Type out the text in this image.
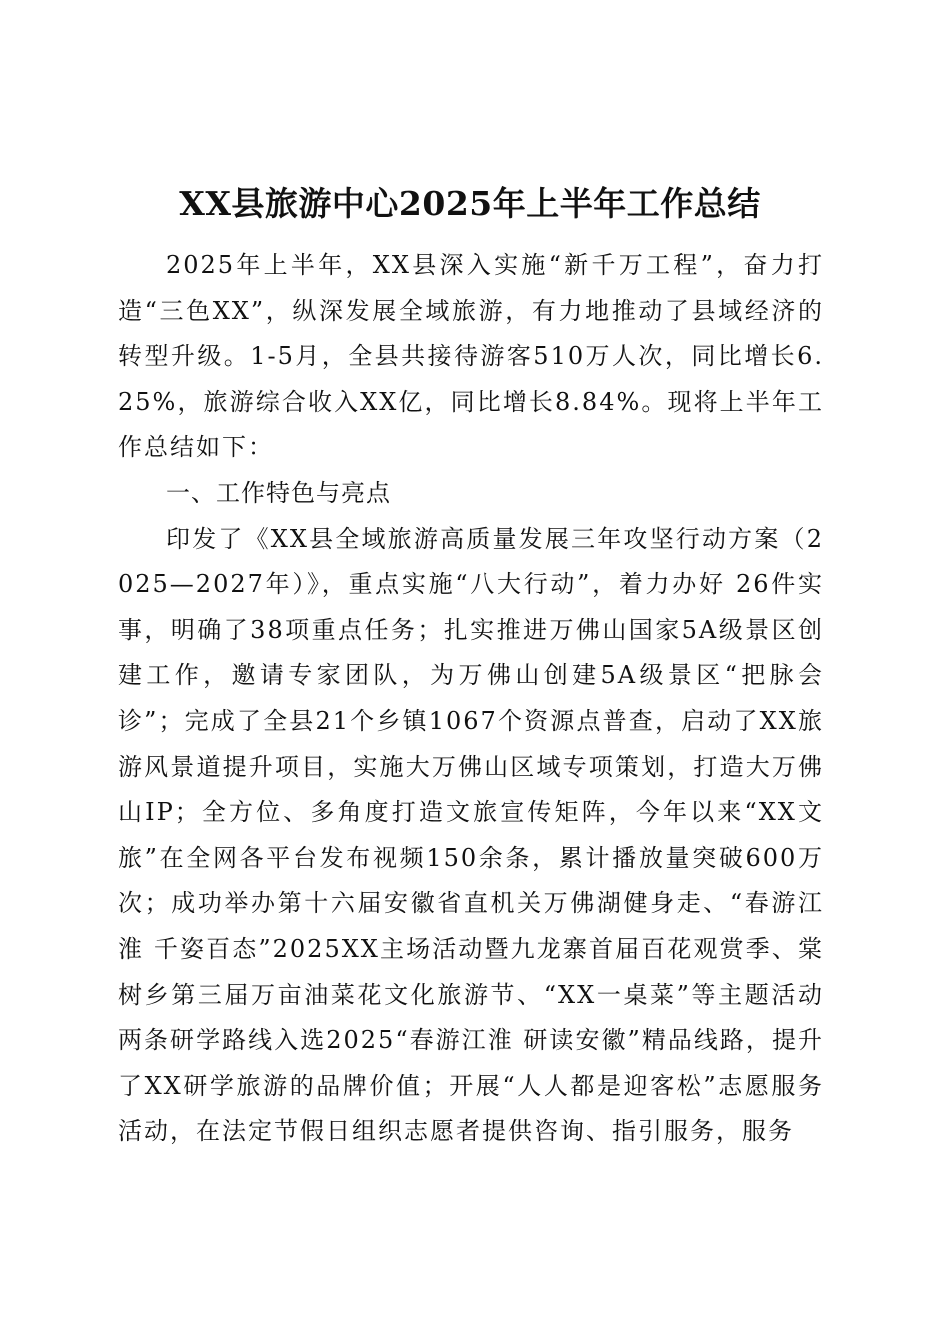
XX县旅游中心2025年上半年工作总结

2025年上半年，XX县深入实施“新千万工程”，奋力打造“三色XX”，纵深发展全域旅游，有力地推动了县域经济的转型升级。1-5月，全县共接待游客510万人次，同比增长6.25%，旅游综合收入XX亿，同比增长8.84%。现将上半年工作总结如下：

一、工作特色与亮点

印发了《XX县全域旅游高质量发展三年攻坚行动方案（2025—2027年）》，重点实施“八大行动”，着力办好 26件实事，明确了38项重点任务；扎实推进万佛山国家5A级景区创建工作，邀请专家团队，为万佛山创建5A级景区“把脉会诊”；完成了全县21个乡镇1067个资源点普查，启动了XX旅游风景道提升项目，实施大万佛山区域专项策划，打造大万佛山IP；全方位、多角度打造文旅宣传矩阵，今年以来“XX文旅”在全网各平台发布视频150余条，累计播放量突破600万次；成功举办第十六届安徽省直机关万佛湖健身走、“春游江淮 千姿百态”2025XX主场活动暨九龙寨首届百花观赏季、棠树乡第三届万亩油菜花文化旅游节、“XX一桌菜”等主题活动两条研学路线入选2025“春游江淮 研读安徽”精品线路，提升了XX研学旅游的品牌价值；开展“人人都是迎客松”志愿服务活动，在法定节假日组织志愿者提供咨询、指引服务，服务
